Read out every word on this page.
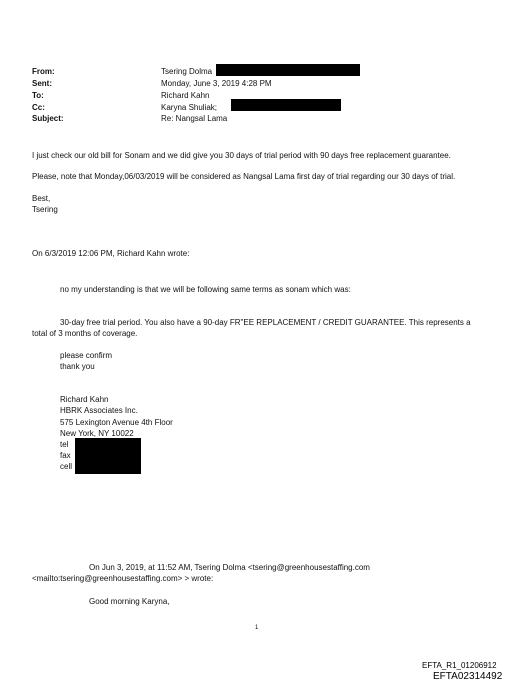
From:
Sent:
To:
Cc:
Subject:
Tsering Dolma
Monday, June 3, 2019 4:28 PM
Richard Kahn
Karyna Shuliak;
Re: Nangsal Lama
I just check our old bill for Sonam and we did give you 30 days of trial period with 90 days free replacement guarantee.
Please, note that Monday,06/03/2019 will be considered as Nangsal Lama first day of trial regarding our 30 days of trial.
Best,
Tsering
On 6/3/2019 12:06 PM, Richard Kahn wrote:
no my understanding is that we will be following same terms as sonam which was:
30-day free trial period. You also have a 90-day FR"EE REPLACEMENT / CREDIT GUARANTEE. This represents a
total of 3 months of coverage.
please confirm
thank you
Richard Kahn
HBRK Associates Inc.
575 Lexington Avenue 4th Floor
New York, NY 10022
tel
fax
cell
On Jun 3, 2019, at 11:52 AM, Tsering Dolma <tsering@greenhousestaffing.com
<mailto:tsering@greenhousestaffing.com> > wrote:
Good morning Karyna,
1
EFTA_R1_01206912
EFTA02314492
